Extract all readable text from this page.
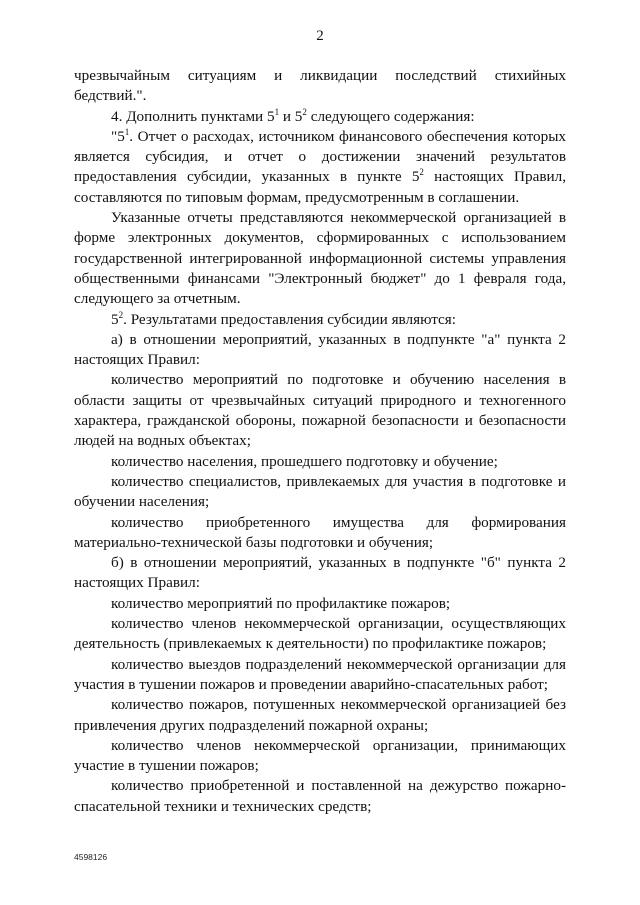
2

чрезвычайным ситуациям и ликвидации последствий стихийных бедствий.".

4. Дополнить пунктами $5^1$ и $5^2$ следующего содержания:

"$5^1$. Отчет о расходах, источником финансового обеспечения которых является субсидия, и отчет о достижении значений результатов предоставления субсидии, указанных в пункте $5^2$ настоящих Правил, составляются по типовым формам, предусмотренным в соглашении.

Указанные отчеты представляются некоммерческой организацией в форме электронных документов, сформированных с использованием государственной интегрированной информационной системы управления общественными финансами "Электронный бюджет" до 1 февраля года, следующего за отчетным.

$5^2$. Результатами предоставления субсидии являются:

а) в отношении мероприятий, указанных в подпункте "а" пункта 2 настоящих Правил:

количество мероприятий по подготовке и обучению населения в области защиты от чрезвычайных ситуаций природного и техногенного характера, гражданской обороны, пожарной безопасности и безопасности людей на водных объектах;

количество населения, прошедшего подготовку и обучение;

количество специалистов, привлекаемых для участия в подготовке и обучении населения;

количество приобретенного имущества для формирования материально-технической базы подготовки и обучения;

б) в отношении мероприятий, указанных в подпункте "б" пункта 2 настоящих Правил:

количество мероприятий по профилактике пожаров;

количество членов некоммерческой организации, осуществляющих деятельность (привлекаемых к деятельности) по профилактике пожаров;

количество выездов подразделений некоммерческой организации для участия в тушении пожаров и проведении аварийно-спасательных работ;

количество пожаров, потушенных некоммерческой организацией без привлечения других подразделений пожарной охраны;

количество членов некоммерческой организации, принимающих участие в тушении пожаров;

количество приобретенной и поставленной на дежурство пожарно-спасательной техники и технических средств;

4598126
